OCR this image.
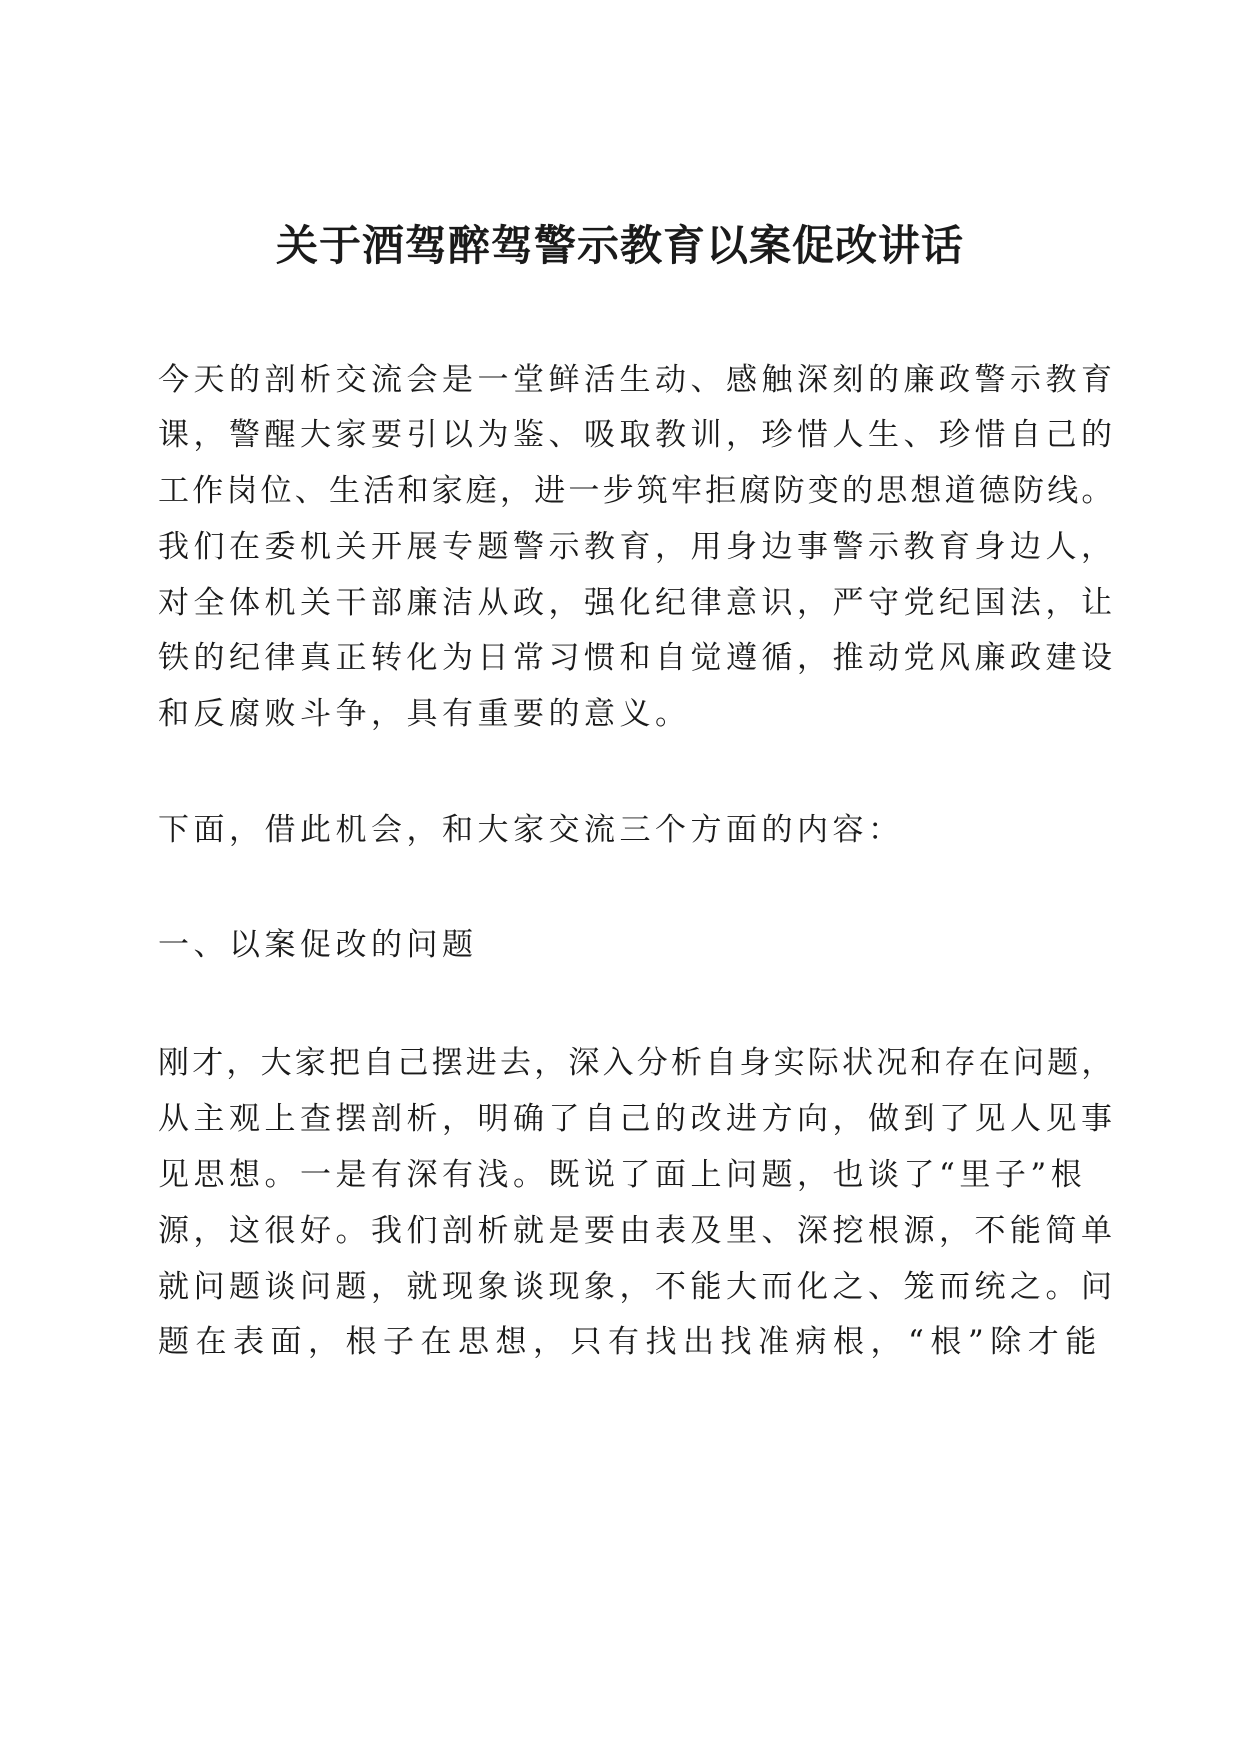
关于酒驾醉驾警示教育以案促改讲话
今天的剖析交流会是一堂鲜活生动、感触深刻的廉政警示教育
课，警醒大家要引以为鉴、吸取教训，珍惜人生、珍惜自己的
工作岗位、生活和家庭，进一步筑牢拒腐防变的思想道德防线。
我们在委机关开展专题警示教育，用身边事警示教育身边人，
对全体机关干部廉洁从政，强化纪律意识，严守党纪国法，让
铁的纪律真正转化为日常习惯和自觉遵循，推动党风廉政建设
和反腐败斗争，具有重要的意义。
下面，借此机会，和大家交流三个方面的内容：
一、以案促改的问题
刚才，大家把自己摆进去，深入分析自身实际状况和存在问题，
从主观上查摆剖析，明确了自己的改进方向，做到了见人见事
见思想。一是有深有浅。既说了面上问题，也谈了“里子”根
源，这很好。我们剖析就是要由表及里、深挖根源，不能简单
就问题谈问题，就现象谈现象，不能大而化之、笼而统之。问
题在表面，根子在思想，只有找出找准病根，“根”除才能
